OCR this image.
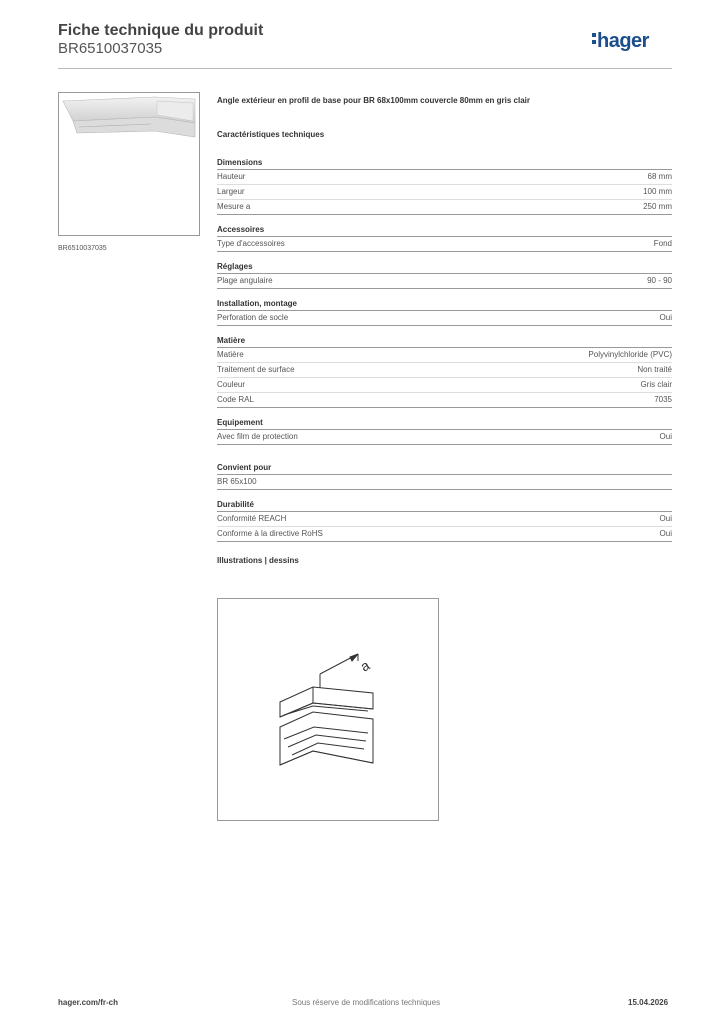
Fiche technique du produit
BR6510037035	hager
BR6510037035

Angle extérieur en profil de base pour BR 68x100mm couvercle 80mm en gris clair

Caractéristiques techniques
Dimensions
Hauteur	68 mm
Largeur	100 mm
Mesure a	250 mm
Accessoires
Type d'accessoires	Fond
Réglages
Plage angulaire	90 - 90
Installation, montage
Perforation de socle	Oui
Matière
Matière	Polyvinylchloride (PVC)
Traitement de surface	Non traité
Couleur	Gris clair
Code RAL	7035
Equipement
Avec film de protection	Oui
Convient pour
BR 65x100
Durabilité
Conformité REACH	Oui
Conforme à la directive RoHS	Oui
Illustrations | dessins
a
hager.com/fr-ch	Sous réserve de modifications techniques	15.04.2026
